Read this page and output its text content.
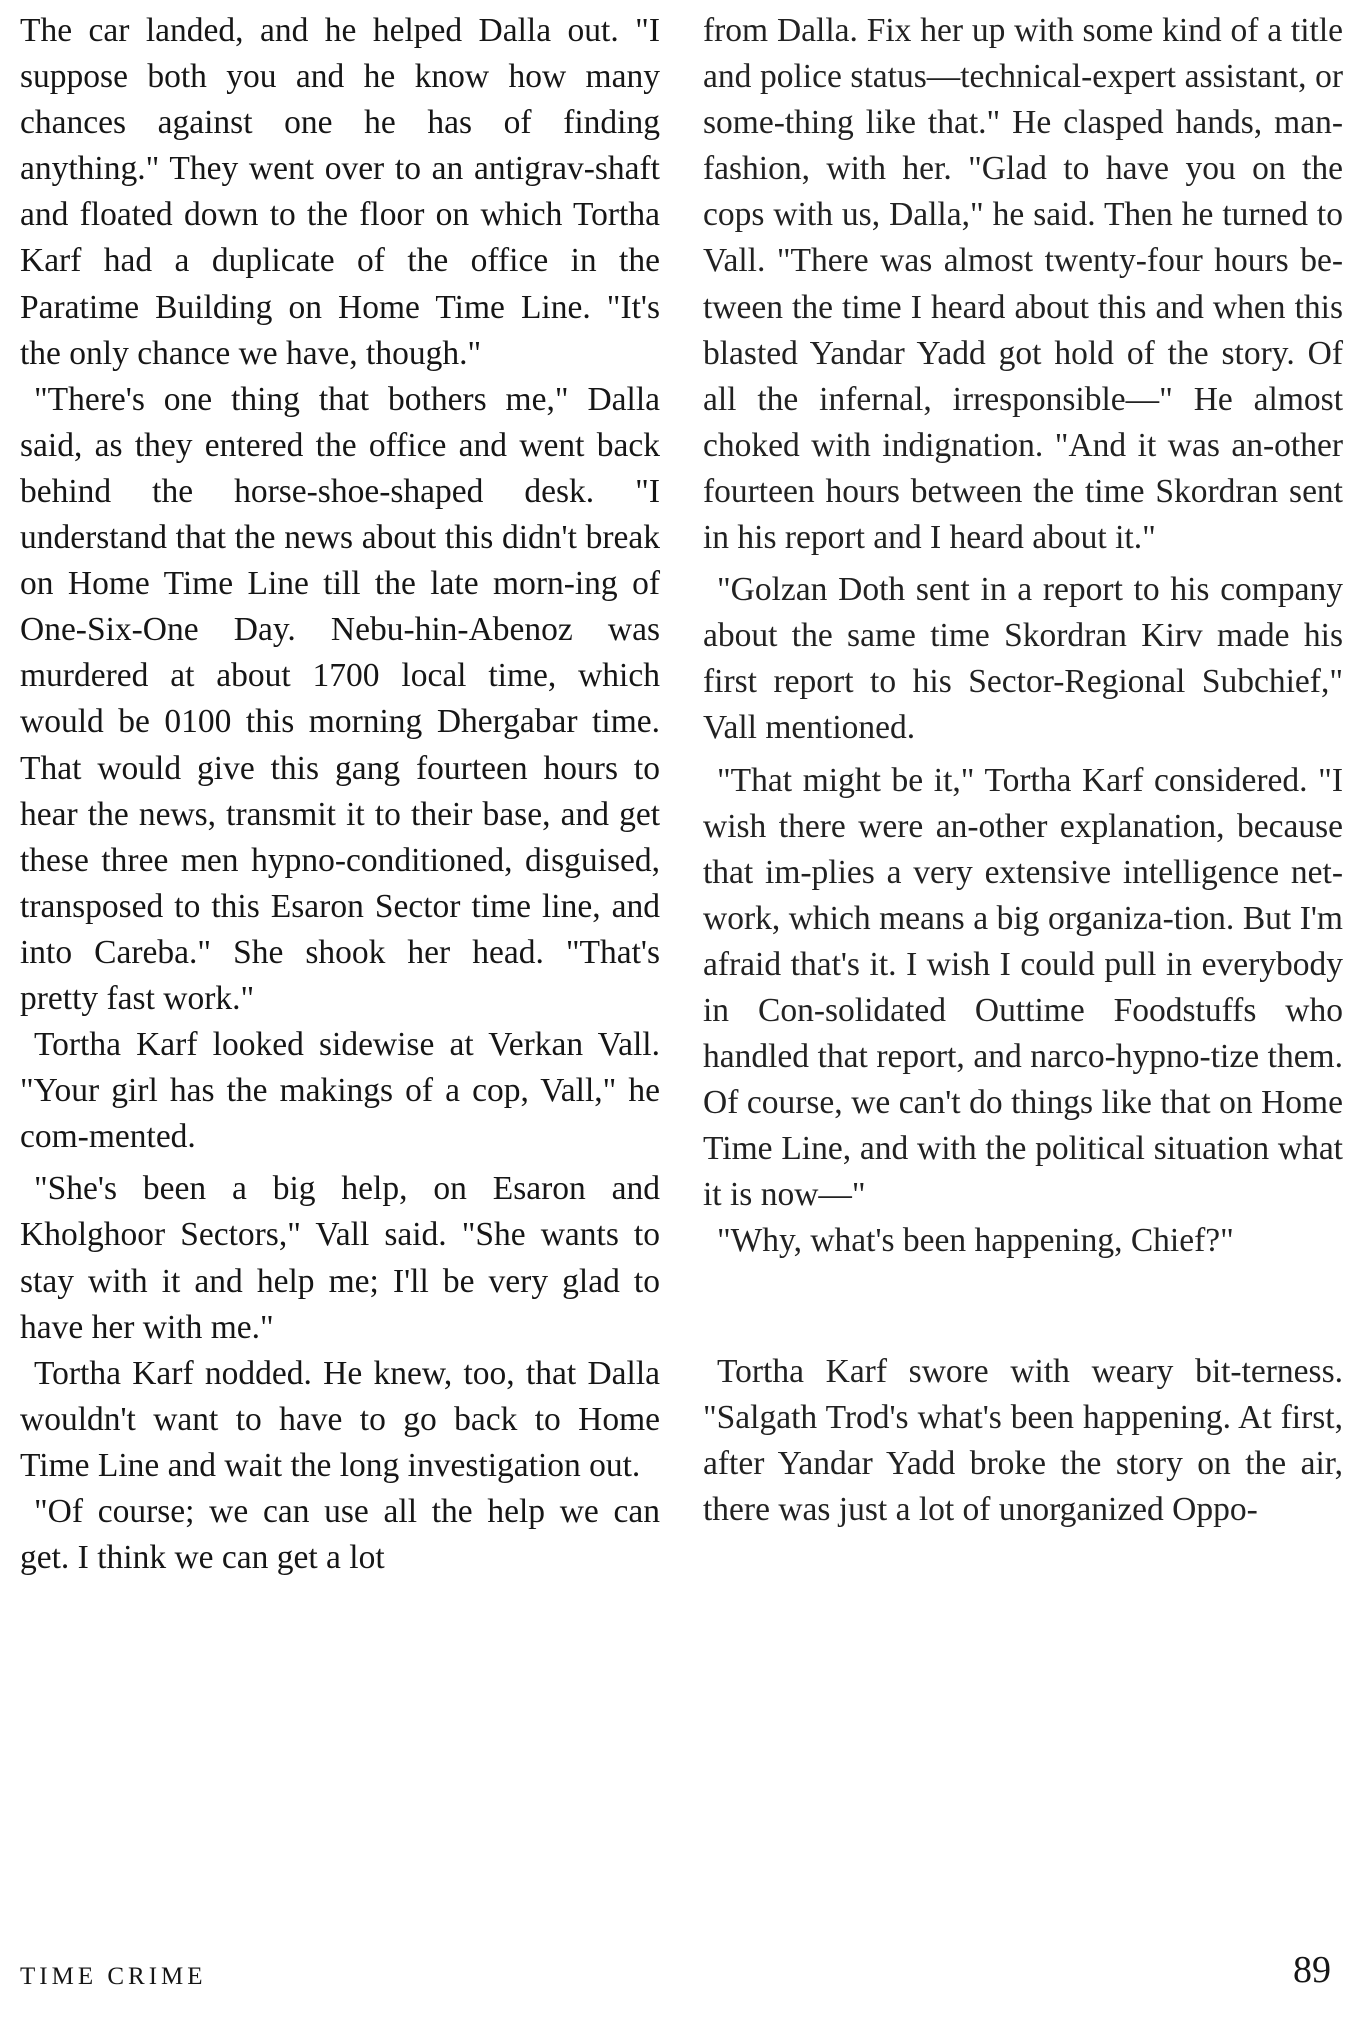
The car landed, and he helped Dalla out. "I suppose both you and he know how many chances against one he has of finding anything." They went over to an antigrav-shaft and floated down to the floor on which Tortha Karf had a duplicate of the office in the Paratime Building on Home Time Line. "It's the only chance we have, though."

"There's one thing that bothers me," Dalla said, as they entered the office and went back behind the horse-shoe-shaped desk. "I understand that the news about this didn't break on Home Time Line till the late morn-ing of One-Six-One Day. Nebu-hin-Abenoz was murdered at about 1700 local time, which would be 0100 this morning Dhergabar time. That would give this gang fourteen hours to hear the news, transmit it to their base, and get these three men hypno-conditioned, disguised, transposed to this Esaron Sector time line, and into Careba." She shook her head. "That's pretty fast work."

Tortha Karf looked sidewise at Verkan Vall. "Your girl has the makings of a cop, Vall," he com-mented.

"She's been a big help, on Esaron and Kholghoor Sectors," Vall said. "She wants to stay with it and help me; I'll be very glad to have her with me."

Tortha Karf nodded. He knew, too, that Dalla wouldn't want to have to go back to Home Time Line and wait the long investigation out.

"Of course; we can use all the help we can get. I think we can get a lot

from Dalla. Fix her up with some kind of a title and police status—technical-expert assistant, or some-thing like that." He clasped hands, man-fashion, with her. "Glad to have you on the cops with us, Dalla," he said. Then he turned to Vall. "There was almost twenty-four hours be-tween the time I heard about this and when this blasted Yandar Yadd got hold of the story. Of all the infernal, irresponsible—" He almost choked with indignation. "And it was an-other fourteen hours between the time Skordran sent in his report and I heard about it."

"Golzan Doth sent in a report to his company about the same time Skordran Kirv made his first report to his Sector-Regional Subchief," Vall mentioned.

"That might be it," Tortha Karf considered. "I wish there were an-other explanation, because that im-plies a very extensive intelligence net-work, which means a big organiza-tion. But I'm afraid that's it. I wish I could pull in everybody in Con-solidated Outtime Foodstuffs who handled that report, and narco-hypno-tize them. Of course, we can't do things like that on Home Time Line, and with the political situation what it is now—"

"Why, what's been happening, Chief?"

Tortha Karf swore with weary bit-terness. "Salgath Trod's what's been happening. At first, after Yandar Yadd broke the story on the air, there was just a lot of unorganized Oppo-

TIME CRIME	89
